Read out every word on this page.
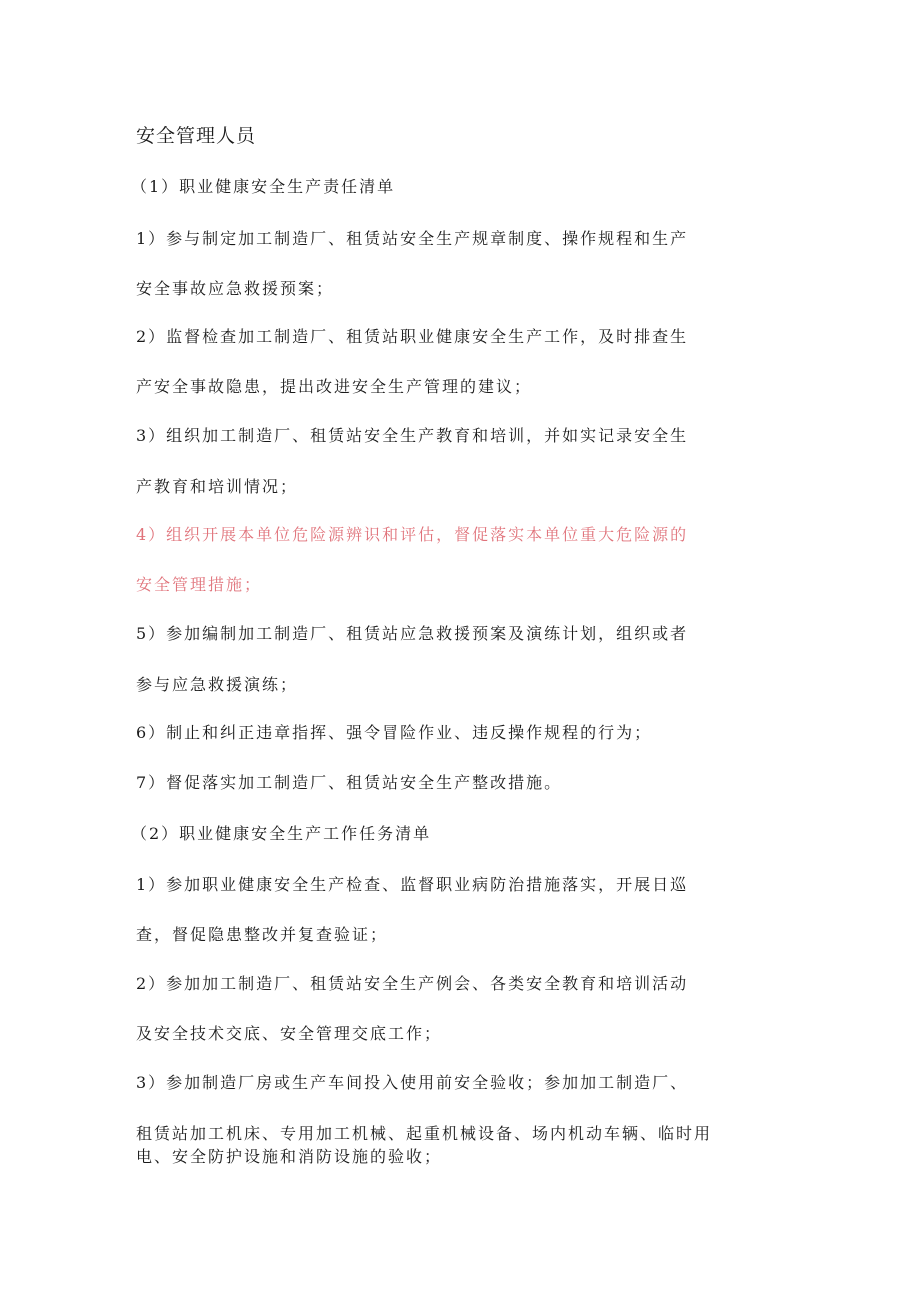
安全管理人员
（1）职业健康安全生产责任清单
1）参与制定加工制造厂、租赁站安全生产规章制度、操作规程和生产
安全事故应急救援预案；
2）监督检查加工制造厂、租赁站职业健康安全生产工作，及时排查生
产安全事故隐患，提出改进安全生产管理的建议；
3）组织加工制造厂、租赁站安全生产教育和培训，并如实记录安全生
产教育和培训情况；
4）组织开展本单位危险源辨识和评估，督促落实本单位重大危险源的
安全管理措施；
5）参加编制加工制造厂、租赁站应急救援预案及演练计划，组织或者
参与应急救援演练；
6）制止和纠正违章指挥、强令冒险作业、违反操作规程的行为；
7）督促落实加工制造厂、租赁站安全生产整改措施。
（2）职业健康安全生产工作任务清单
1）参加职业健康安全生产检查、监督职业病防治措施落实，开展日巡
查，督促隐患整改并复查验证；
2）参加加工制造厂、租赁站安全生产例会、各类安全教育和培训活动
及安全技术交底、安全管理交底工作；
3）参加制造厂房或生产车间投入使用前安全验收；参加加工制造厂、
租赁站加工机床、专用加工机械、起重机械设备、场内机动车辆、临时用
电、安全防护设施和消防设施的验收；
